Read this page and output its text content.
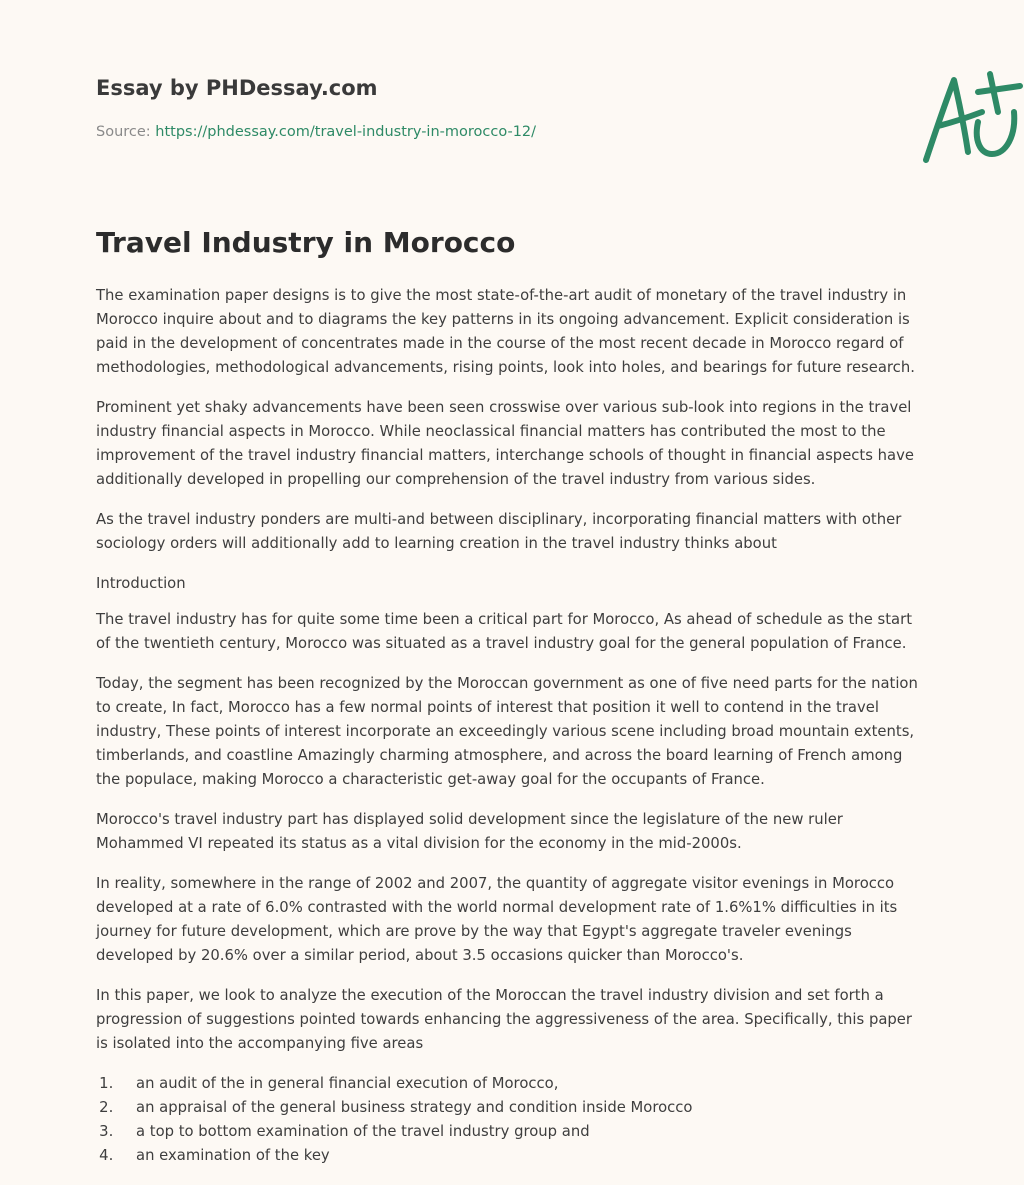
Essay by PHDessay.com
Source: https://phdessay.com/travel-industry-in-morocco-12/
Travel Industry in Morocco

The examination paper designs is to give the most state-of-the-art audit of monetary of the travel industry in Morocco inquire about and to diagrams the key patterns in its ongoing advancement. Explicit consideration is paid in the development of concentrates made in the course of the most recent decade in Morocco regard of methodologies, methodological advancements, rising points, look into holes, and bearings for future research.

Prominent yet shaky advancements have been seen crosswise over various sub-look into regions in the travel industry financial aspects in Morocco. While neoclassical financial matters has contributed the most to the improvement of the travel industry financial matters, interchange schools of thought in financial aspects have additionally developed in propelling our comprehension of the travel industry from various sides.

As the travel industry ponders are multi-and between disciplinary, incorporating financial matters with other sociology orders will additionally add to learning creation in the travel industry thinks about

Introduction

The travel industry has for quite some time been a critical part for Morocco, As ahead of schedule as the start of the twentieth century, Morocco was situated as a travel industry goal for the general population of France.

Today, the segment has been recognized by the Moroccan government as one of five need parts for the nation to create, In fact, Morocco has a few normal points of interest that position it well to contend in the travel industry, These points of interest incorporate an exceedingly various scene including broad mountain extents, timberlands, and coastline Amazingly charming atmosphere, and across the board learning of French among the populace, making Morocco a characteristic get-away goal for the occupants of France.

Morocco's travel industry part has displayed solid development since the legislature of the new ruler Mohammed VI repeated its status as a vital division for the economy in the mid-2000s.

In reality, somewhere in the range of 2002 and 2007, the quantity of aggregate visitor evenings in Morocco developed at a rate of 6.0% contrasted with the world normal development rate of 1.6%1% difficulties in its journey for future development, which are prove by the way that Egypt's aggregate traveler evenings developed by 20.6% over a similar period, about 3.5 occasions quicker than Morocco's.

In this paper, we look to analyze the execution of the Moroccan the travel industry division and set forth a progression of suggestions pointed towards enhancing the aggressiveness of the area. Specifically, this paper is isolated into the accompanying five areas

1. an audit of the in general financial execution of Morocco,
2. an appraisal of the general business strategy and condition inside Morocco
3. a top to bottom examination of the travel industry group and
4. an examination of the key
